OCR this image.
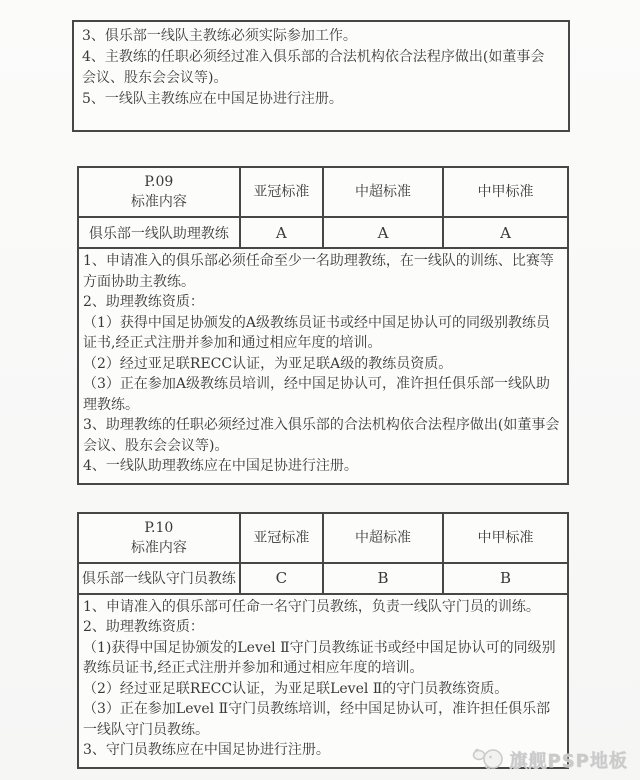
3、俱乐部一线队主教练必须实际参加工作。

4、主教练的任职必须经过准入俱乐部的合法机构依合法程序做出(如董事会会议、股东会会议等)。

5、一线队主教练应在中国足协进行注册。

P.09
标准内容	亚冠标准	中超标准	中甲标准
俱乐部一线队助理教练	A	A	A

1、申请准入的俱乐部必须任命至少一名助理教练，在一线队的训练、比赛等方面协助主教练。

2、助理教练资质：

（1）获得中国足协颁发的A级教练员证书或经中国足协认可的同级别教练员证书,经正式注册并参加和通过相应年度的培训。

（2）经过亚足联RECC认证，为亚足联A级的教练员资质。

（3）正在参加A级教练员培训，经中国足协认可，准许担任俱乐部一线队助理教练。

3、助理教练的任职必须经过准入俱乐部的合法机构依合法程序做出(如董事会会议、股东会会议等)。

4、一线队助理教练应在中国足协进行注册。

P.10
标准内容	亚冠标准	中超标准	中甲标准
俱乐部一线队守门员教练	C	B	B

1、申请准入的俱乐部可任命一名守门员教练，负责一线队守门员的训练。

2、助理教练资质：

（1)获得中国足协颁发的Level Ⅱ守门员教练证书或经中国足协认可的同级别教练员证书,经正式注册并参加和通过相应年度的培训。

（2）经过亚足联RECC认证，为亚足联Level Ⅱ的守门员教练资质。

（3）正在参加Level Ⅱ守门员教练培训，经中国足协认可，准许担任俱乐部一线队守门员教练。

3、守门员教练应在中国足协进行注册。

旗舰PSP地板
